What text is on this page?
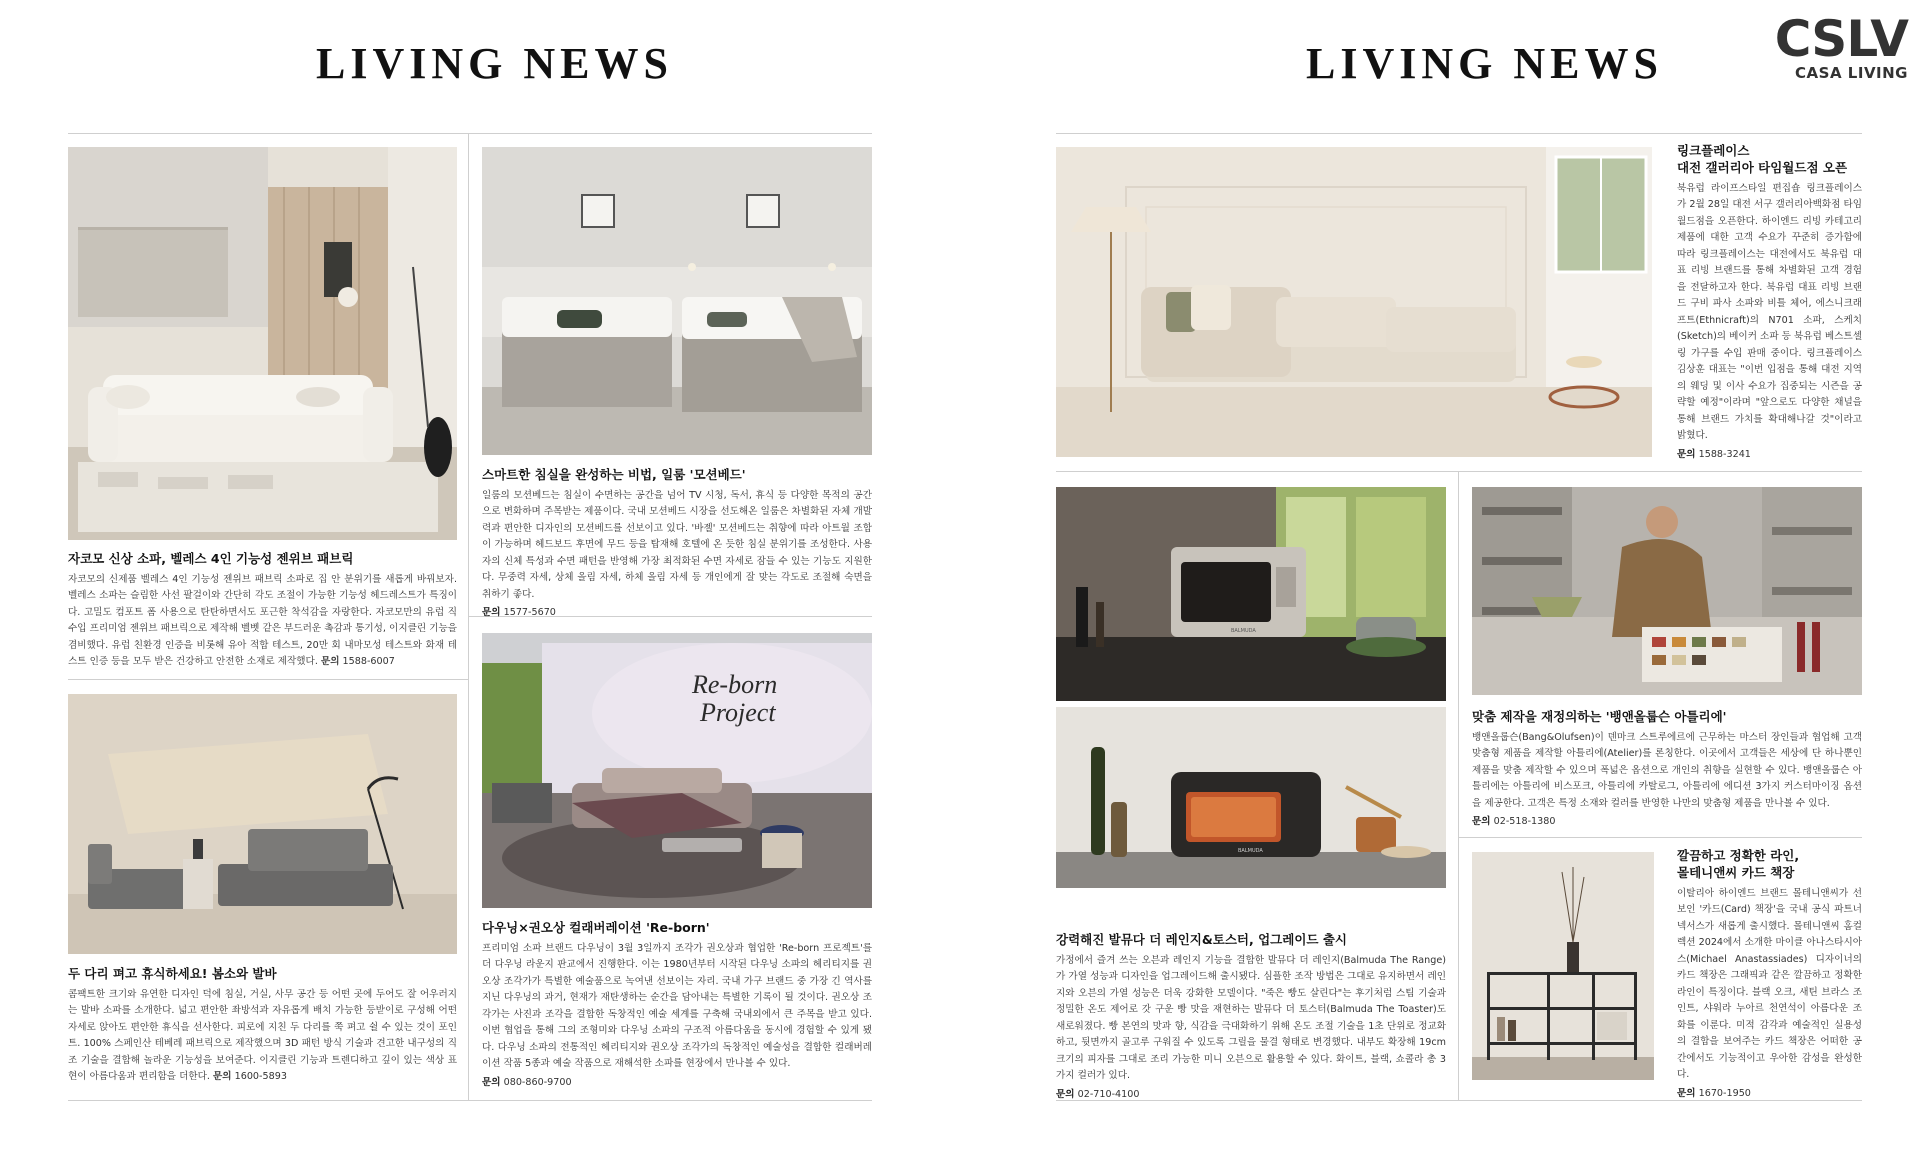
LIVING NEWS	LIVING NEWS CSLV
CASA LIVING
자코모 신상 소파, 벨레스 4인 기능성 젠위브 패브릭

자코모의 신제품 벨레스 4인 기능성 젠위브 패브릭 소파로 집 안 분위기를 새롭게 바꿔보자. 벨레스 소파는 슬림한 사선 팔걸이와 간단히 각도 조절이 가능한 기능성 헤드레스트가 특징이다. 고밀도 컴포트 폼 사용으로 탄탄하면서도 포근한 착석감을 자랑한다. 자코모만의 유럽 직수입 프리미엄 젠위브 패브릭으로 제작해 벨벳 같은 부드러운 촉감과 통기성, 이지클린 기능을 겸비했다. 유럽 친환경 인증을 비롯해 유아 적합 테스트, 20만 회 내마모성 테스트와 화재 테스트 인증 등을 모두 받은 건강하고 안전한 소재로 제작했다. 문의 1588-6007

스마트한 침실을 완성하는 비법, 일룸 '모션베드'

일룸의 모션베드는 침실이 수면하는 공간을 넘어 TV 시청, 독서, 휴식 등 다양한 목적의 공간으로 변화하며 주목받는 제품이다. 국내 모션베드 시장을 선도해온 일룸은 차별화된 자체 개발력과 편안한 디자인의 모션베드를 선보이고 있다. '바젤' 모션베드는 취향에 따라 아트월 조합이 가능하며 헤드보드 후면에 무드 등을 탑재해 호텔에 온 듯한 침실 분위기를 조성한다. 사용자의 신체 특성과 수면 패턴을 반영해 가장 최적화된 수면 자세로 잠들 수 있는 기능도 지원한다. 무중력 자세, 상체 올림 자세, 하체 올림 자세 등 개인에게 잘 맞는 각도로 조절해 숙면을 취하기 좋다.

문의 1577-5670
두 다리 펴고 휴식하세요! 봄소와 발바

콤팩트한 크기와 유연한 디자인 덕에 침실, 거실, 사무 공간 등 어떤 곳에 두어도 잘 어우러지는 발바 소파를 소개한다. 넓고 편안한 좌방석과 자유롭게 배치 가능한 등받이로 구성해 어떤 자세로 앉아도 편안한 휴식을 선사한다. 피로에 지친 두 다리를 쭉 펴고 쉴 수 있는 것이 포인트. 100% 스페인산 테베레 패브릭으로 제작했으며 3D 패턴 방식 기술과 견고한 내구성의 직조 기술을 결합해 놀라운 기능성을 보여준다. 이지클린 기능과 트렌디하고 깊이 있는 색상 표현이 아름다움과 편리함을 더한다. 문의 1600-5893

Re-born
Project
다우닝×권오상 컬래버레이션 'Re-born'

프리미엄 소파 브랜드 다우닝이 3월 3일까지 조각가 권오상과 협업한 'Re-born 프로젝트'를 더 다우닝 라운지 판교에서 진행한다. 이는 1980년부터 시작된 다우닝 소파의 헤리티지를 권오상 조각가가 특별한 예술품으로 녹여낸 선보이는 자리. 국내 가구 브랜드 중 가장 긴 역사를 지닌 다우닝의 과거, 현재가 재탄생하는 순간을 담아내는 특별한 기록이 될 것이다. 권오상 조각가는 사진과 조각을 결합한 독창적인 예술 세계를 구축해 국내외에서 큰 주목을 받고 있다. 이번 협업을 통해 그의 조형미와 다우닝 소파의 구조적 아름다움을 동시에 경험할 수 있게 됐다. 다우닝 소파의 전통적인 헤리티지와 권오상 조각가의 독창적인 예술성을 결합한 컬래버레이션 작품 5종과 예술 작품으로 재해석한 소파를 현장에서 만나볼 수 있다.

문의 080-860-9700
링크플레이스
대전 갤러리아 타임월드점 오픈

북유럽 라이프스타일 편집숍 링크플레이스가 2월 28일 대전 서구 갤러리아백화점 타임월드점을 오픈한다. 하이엔드 리빙 카테고리 제품에 대한 고객 수요가 꾸준히 증가함에 따라 링크플레이스는 대전에서도 북유럽 대표 리빙 브랜드를 통해 차별화된 고객 경험을 전달하고자 한다. 북유럽 대표 리빙 브랜드 구비 파사 소파와 비틀 체어, 에스니크래프트(Ethnicraft)의 N701 소파, 스케치(Sketch)의 베이커 소파 등 북유럽 베스트셀링 가구를 수입 판매 중이다. 링크플레이스 김상훈 대표는 "이번 입점을 통해 대전 지역의 웨딩 및 이사 수요가 집중되는 시즌을 공략할 예정"이라며 "앞으로도 다양한 채널을 통해 브랜드 가치를 확대해나갈 것"이라고 밝혔다.

문의 1588-3241
BALMUDA
BALMUDA
강력해진 발뮤다 더 레인지&토스터, 업그레이드 출시

가정에서 즐겨 쓰는 오븐과 레인지 기능을 결합한 발뮤다 더 레인지(Balmuda The Range)가 가열 성능과 디자인을 업그레이드해 출시됐다. 심플한 조작 방법은 그대로 유지하면서 레인지와 오븐의 가열 성능은 더욱 강화한 모델이다. "죽은 빵도 살린다"는 후기처럼 스팀 기술과 정밀한 온도 제어로 갓 구운 빵 맛을 재현하는 발뮤다 더 토스터(Balmuda The Toaster)도 새로워졌다. 빵 본연의 맛과 향, 식감을 극대화하기 위해 온도 조절 기술을 1초 단위로 정교화하고, 뒷면까지 골고루 구워질 수 있도록 그릴을 물결 형태로 변경했다. 내부도 확장해 19cm 크기의 피자를 그대로 조리 가능한 미니 오븐으로 활용할 수 있다. 화이트, 블랙, 쇼콜라 총 3가지 컬러가 있다.

문의 02-710-4100
맞춤 제작을 재정의하는 '뱅앤올룹슨 아틀리에'

뱅앤올룹슨(Bang&Olufsen)이 덴마크 스트루에르에 근무하는 마스터 장인들과 협업해 고객 맞춤형 제품을 제작할 아틀리에(Atelier)를 론칭한다. 이곳에서 고객들은 세상에 단 하나뿐인 제품을 맞춤 제작할 수 있으며 폭넓은 옵션으로 개인의 취향을 실현할 수 있다. 뱅앤올룹슨 아틀리에는 아틀리에 비스포크, 아틀리에 카탈로그, 아틀리에 에디션 3가지 커스터마이징 옵션을 제공한다. 고객은 특정 소재와 컬러를 반영한 나만의 맞춤형 제품을 만나볼 수 있다.

문의 02-518-1380
깔끔하고 정확한 라인,
몰테니앤씨 카드 책장

이탈리아 하이엔드 브랜드 몰테니앤씨가 선보인 '카드(Card) 책장'을 국내 공식 파트너 넥서스가 새롭게 출시했다. 몰테니앤씨 홈컬렉션 2024에서 소개한 마이클 아나스타시아스(Michael Anastassiades) 디자이너의 카드 책장은 그래픽과 같은 깔끔하고 정확한 라인이 특징이다. 블랙 오크, 새틴 브라스 조인트, 샤워라 누아르 천연석이 아름다운 조화를 이룬다. 미적 감각과 예술적인 실용성의 결합을 보여주는 카드 책장은 어떠한 공간에서도 기능적이고 우아한 감성을 완성한다.

문의 1670-1950
